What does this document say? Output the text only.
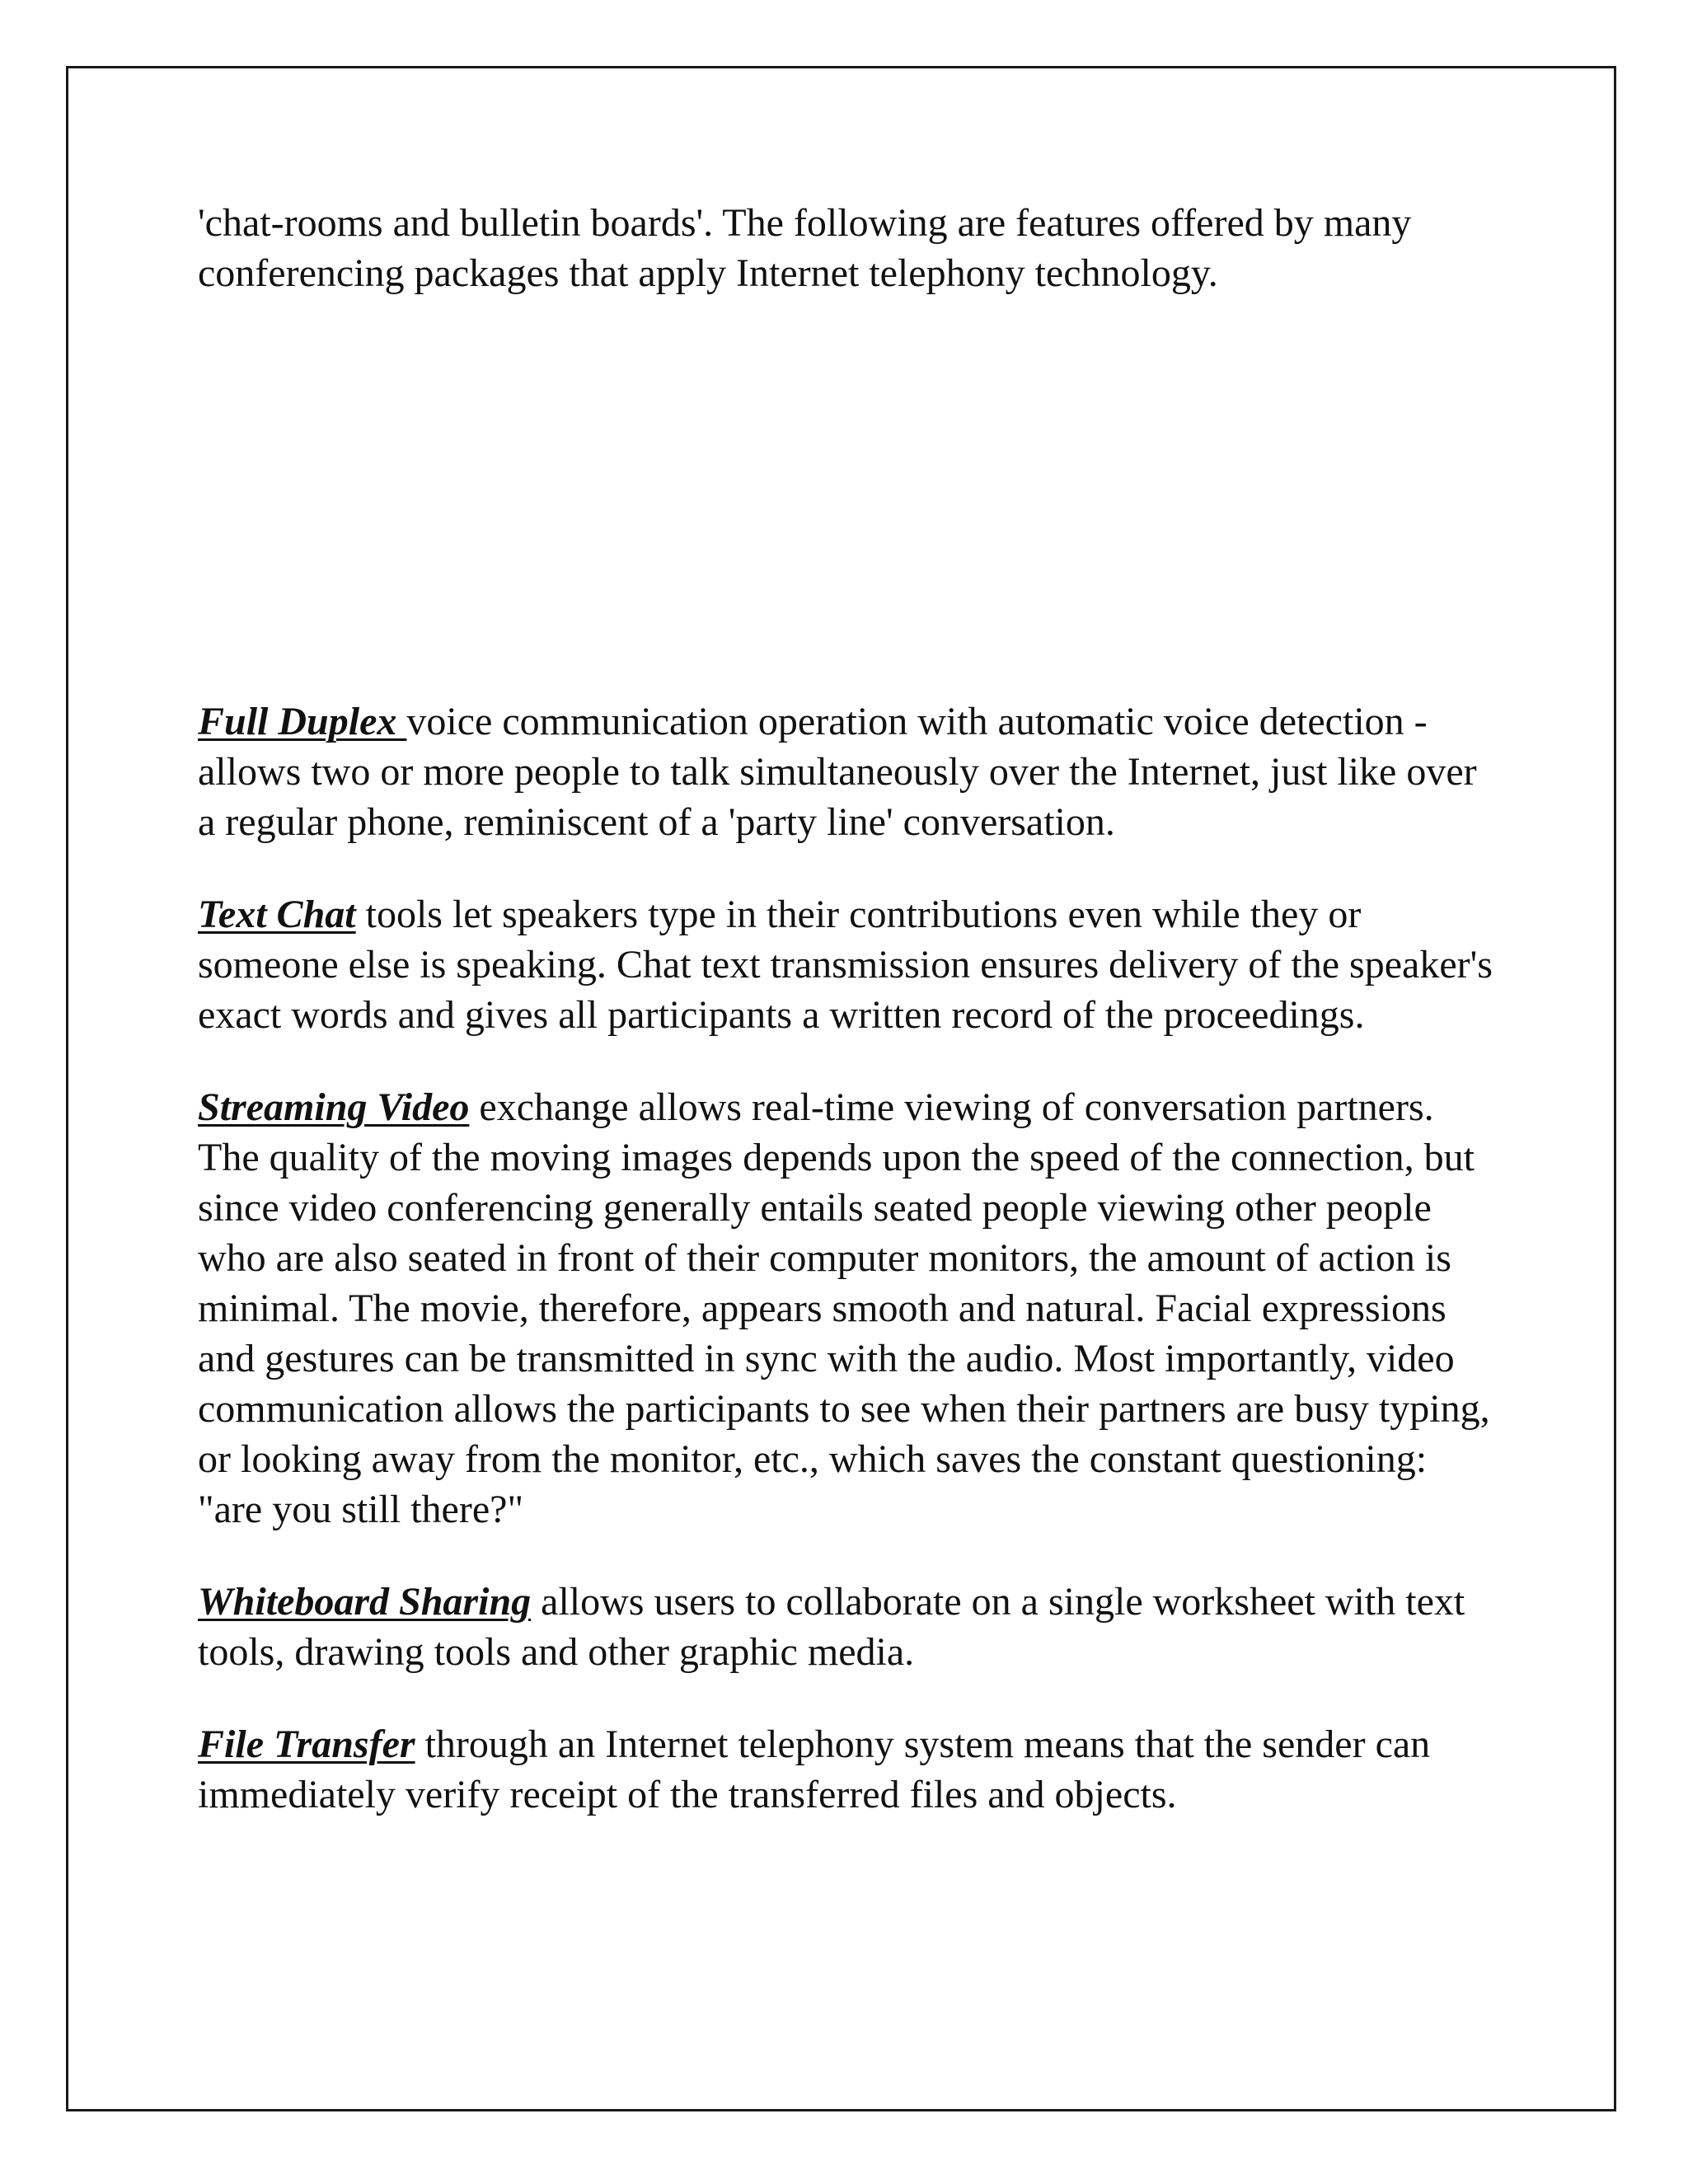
'chat-rooms and bulletin boards'. The following are features offered by many conferencing packages that apply Internet telephony technology.

Full Duplex voice communication operation with automatic voice detection - allows two or more people to talk simultaneously over the Internet, just like over a regular phone, reminiscent of a 'party line' conversation.

Text Chat tools let speakers type in their contributions even while they or someone else is speaking. Chat text transmission ensures delivery of the speaker's exact words and gives all participants a written record of the proceedings.

Streaming Video exchange allows real-time viewing of conversation partners. The quality of the moving images depends upon the speed of the connection, but since video conferencing generally entails seated people viewing other people who are also seated in front of their computer monitors, the amount of action is minimal. The movie, therefore, appears smooth and natural. Facial expressions and gestures can be transmitted in sync with the audio. Most importantly, video communication allows the participants to see when their partners are busy typing, or looking away from the monitor, etc., which saves the constant questioning: "are you still there?"

Whiteboard Sharing allows users to collaborate on a single worksheet with text tools, drawing tools and other graphic media.

File Transfer through an Internet telephony system means that the sender can immediately verify receipt of the transferred files and objects.
